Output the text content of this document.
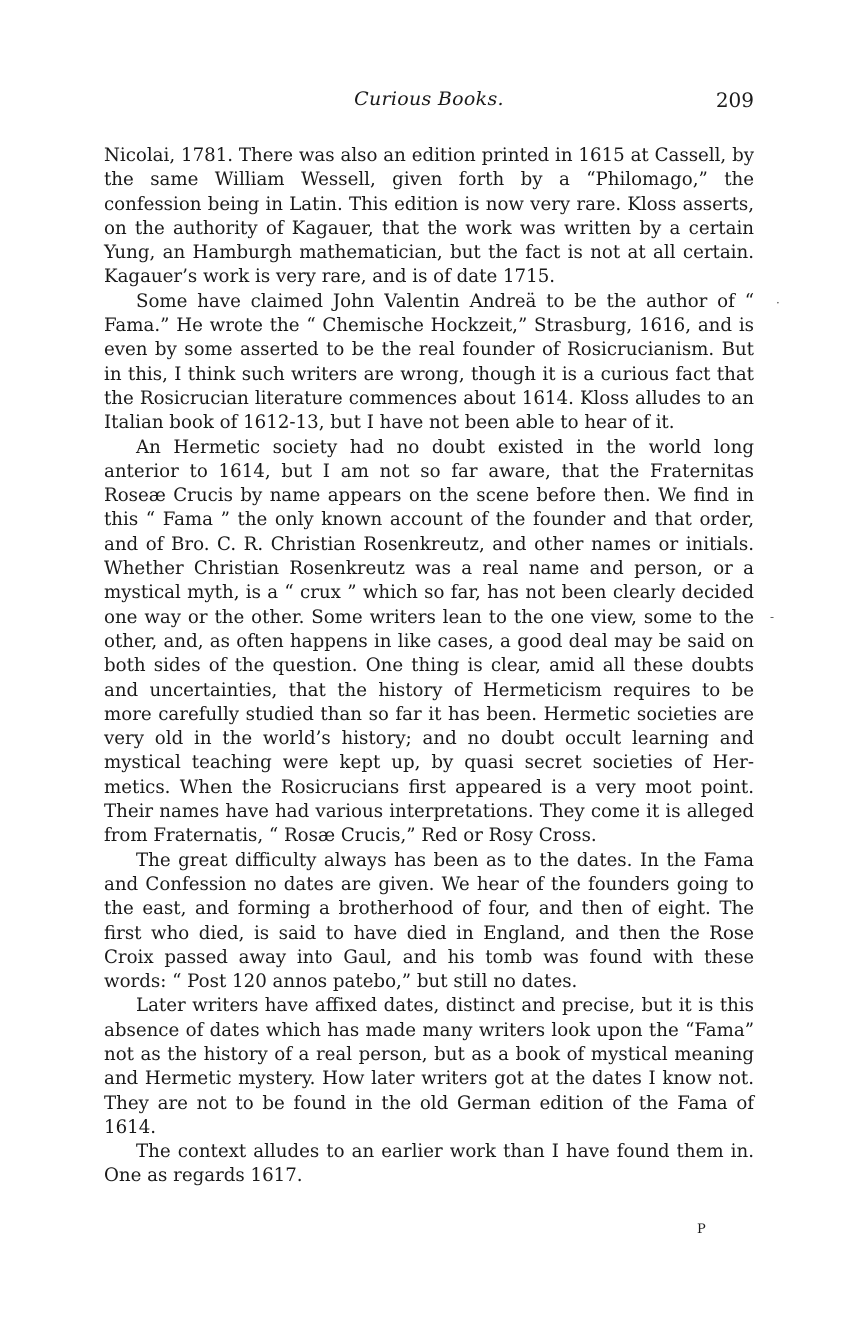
Curious Books.	209

Nicolai, 1781. There was also an edition printed in 1615 at Cassell, by the same William Wessell, given forth by a “Philomago,” the confession being in Latin. This edition is now very rare. Kloss asserts, on the authority of Kagauer, that the work was written by a certain Yung, an Hamburgh mathematician, but the fact is not at all certain. Kagauer’s work is very rare, and is of date 1715.

Some have claimed John Valentin Andreä to be the author of “ Fama.” He wrote the “ Chemische Hockzeit,” Strasburg, 1616, and is even by some asserted to be the real founder of Rosicrucianism. But in this, I think such writers are wrong, though it is a curious fact that the Rosicrucian literature commences about 1614. Kloss alludes to an Italian book of 1612-13, but I have not been able to hear of it.

An Hermetic society had no doubt existed in the world long anterior to 1614, but I am not so far aware, that the Fraternitas Roseæ Crucis by name appears on the scene before then. We find in this “ Fama ” the only known account of the founder and that order, and of Bro. C. R. Christian Rosenkreutz, and other names or initials. Whether Christian Rosenkreutz was a real name and person, or a mystical myth, is a “ crux ” which so far, has not been clearly decided one way or the other. Some writers lean to the one view, some to the other, and, as often happens in like cases, a good deal may be said on both sides of the question. One thing is clear, amid all these doubts and uncertainties, that the history of Hermeticism requires to be more carefully studied than so far it has been. Hermetic societies are very old in the world’s history; and no doubt occult learning and mystical teaching were kept up, by quasi secret societies of Her-metics. When the Rosicrucians first appeared is a very moot point. Their names have had various interpretations. They come it is alleged from Fraternatis, “ Rosæ Crucis,” Red or Rosy Cross.

The great difficulty always has been as to the dates. In the Fama and Confession no dates are given. We hear of the founders going to the east, and forming a brotherhood of four, and then of eight. The first who died, is said to have died in England, and then the Rose Croix passed away into Gaul, and his tomb was found with these words: “ Post 120 annos patebo,” but still no dates.

Later writers have affixed dates, distinct and precise, but it is this absence of dates which has made many writers look upon the “Fama” not as the history of a real person, but as a book of mystical meaning and Hermetic mystery. How later writers got at the dates I know not. They are not to be found in the old German edition of the Fama of 1614.

The context alludes to an earlier work than I have found them in. One as regards 1617.

P
·
-
